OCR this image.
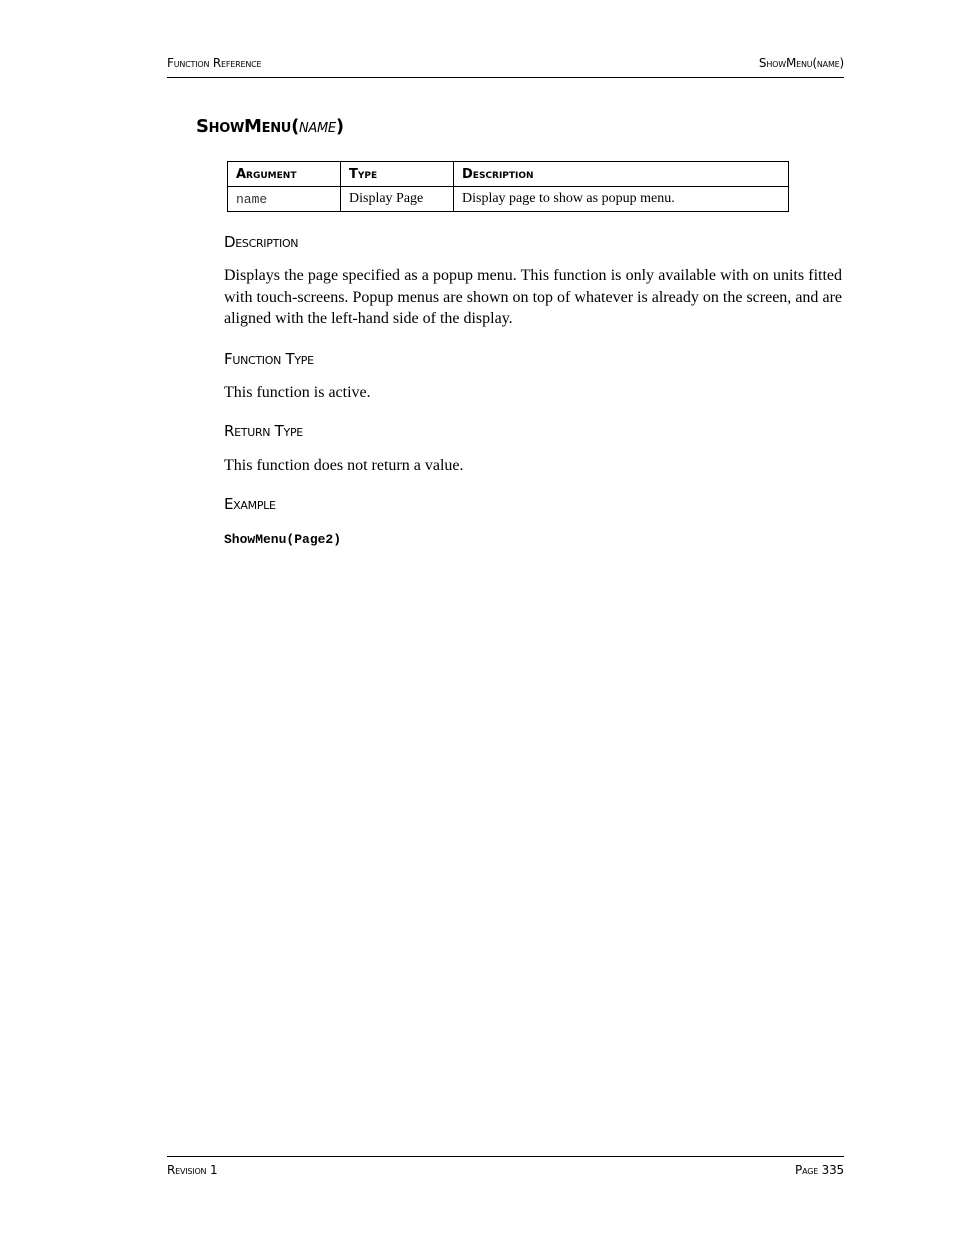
Function Reference	ShowMenu(name)
ShowMenu(name)
Argument	Type	Description
name	Display Page	Display page to show as popup menu.
Description
Displays the page specified as a popup menu. This function is only available with on units fitted with touch-screens. Popup menus are shown on top of whatever is already on the screen, and are aligned with the left-hand side of the display.
Function Type
This function is active.
Return Type
This function does not return a value.
Example
ShowMenu(Page2)
Revision 1	Page 335
